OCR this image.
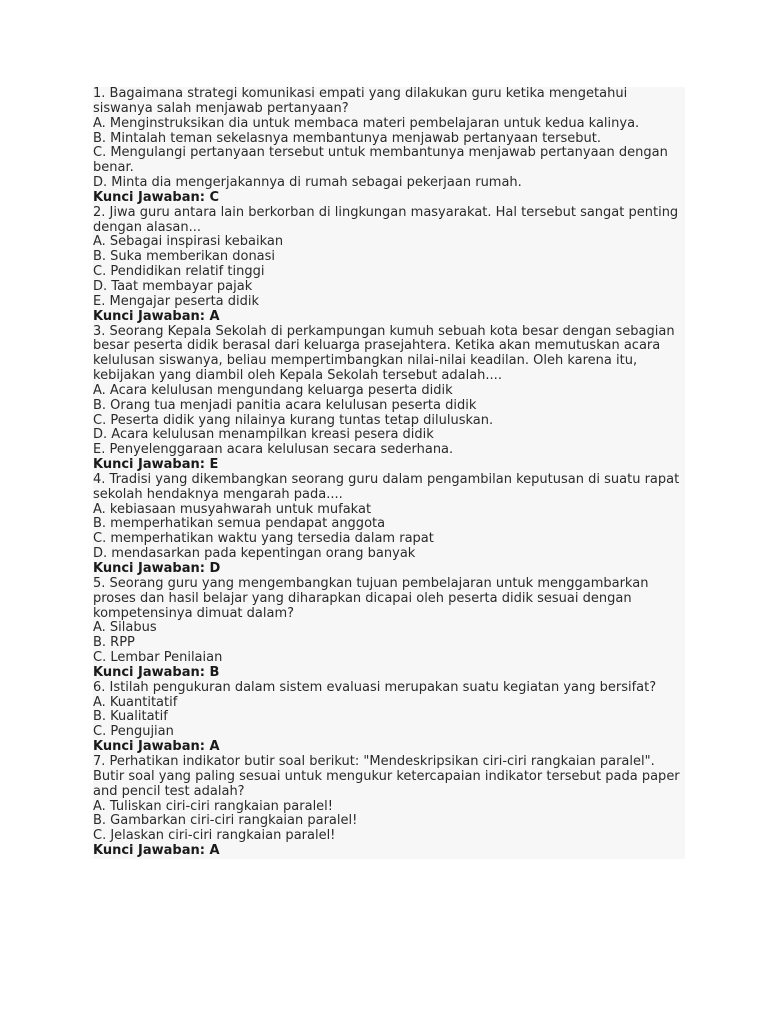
1. Bagaimana strategi komunikasi empati yang dilakukan guru ketika mengetahui siswanya salah menjawab pertanyaan?

A. Menginstruksikan dia untuk membaca materi pembelajaran untuk kedua kalinya.

B. Mintalah teman sekelasnya membantunya menjawab pertanyaan tersebut.

C. Mengulangi pertanyaan tersebut untuk membantunya menjawab pertanyaan dengan benar.

D. Minta dia mengerjakannya di rumah sebagai pekerjaan rumah.

Kunci Jawaban: C

2. Jiwa guru antara lain berkorban di lingkungan masyarakat. Hal tersebut sangat penting dengan alasan...

A. Sebagai inspirasi kebaikan

B. Suka memberikan donasi

C. Pendidikan relatif tinggi

D. Taat membayar pajak

E. Mengajar peserta didik

Kunci Jawaban: A

3. Seorang Kepala Sekolah di perkampungan kumuh sebuah kota besar dengan sebagian besar peserta didik berasal dari keluarga prasejahtera. Ketika akan memutuskan acara kelulusan siswanya, beliau mempertimbangkan nilai-nilai keadilan. Oleh karena itu, kebijakan yang diambil oleh Kepala Sekolah tersebut adalah....

A. Acara kelulusan mengundang keluarga peserta didik

B. Orang tua menjadi panitia acara kelulusan peserta didik

C. Peserta didik yang nilainya kurang tuntas tetap diluluskan.

D. Acara kelulusan menampilkan kreasi pesera didik

E. Penyelenggaraan acara kelulusan secara sederhana.

Kunci Jawaban: E

4. Tradisi yang dikembangkan seorang guru dalam pengambilan keputusan di suatu rapat sekolah hendaknya mengarah pada....

A. kebiasaan musyahwarah untuk mufakat

B. memperhatikan semua pendapat anggota

C. memperhatikan waktu yang tersedia dalam rapat

D. mendasarkan pada kepentingan orang banyak

Kunci Jawaban: D

5. Seorang guru yang mengembangkan tujuan pembelajaran untuk menggambarkan proses dan hasil belajar yang diharapkan dicapai oleh peserta didik sesuai dengan kompetensinya dimuat dalam?

A. Silabus

B. RPP

C. Lembar Penilaian

Kunci Jawaban: B

6. Istilah pengukuran dalam sistem evaluasi merupakan suatu kegiatan yang bersifat?

A. Kuantitatif

B. Kualitatif

C. Pengujian

Kunci Jawaban: A

7. Perhatikan indikator butir soal berikut: "Mendeskripsikan ciri-ciri rangkaian paralel".

Butir soal yang paling sesuai untuk mengukur ketercapaian indikator tersebut pada paper and pencil test adalah?

A. Tuliskan ciri-ciri rangkaian paralel!

B. Gambarkan ciri-ciri rangkaian paralel!

C. Jelaskan ciri-ciri rangkaian paralel!

Kunci Jawaban: A
